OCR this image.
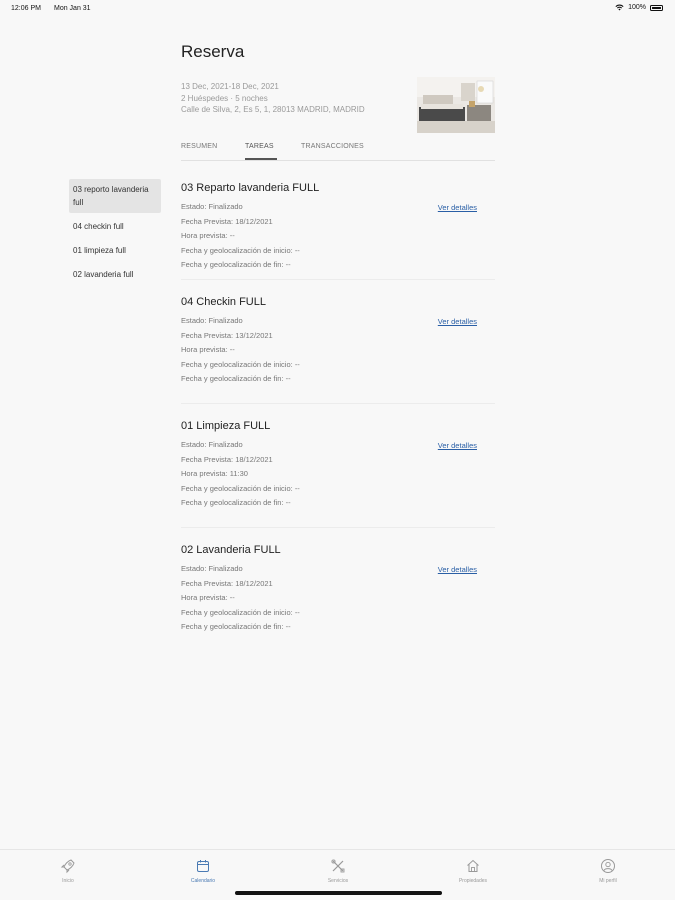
12:06 PM Mon Jan 31	100%
Reserva
13 Dec, 2021-18 Dec, 2021
2 Huéspedes · 5 noches
Calle de Silva, 2, Es 5, 1, 28013 MADRID, MADRID
RESUMEN	TAREAS	TRANSACCIONES
03 reporto lavanderia full
04 checkin full
01 limpieza full
02 lavanderia full
03 Reparto lavanderia FULL
Estado: Finalizado
Fecha Prevista: 18/12/2021
Hora prevista: --
Fecha y geolocalización de inicio: --
Fecha y geolocalización de fin: --
Ver detalles
04 Checkin FULL
Estado: Finalizado
Fecha Prevista: 13/12/2021
Hora prevista: --
Fecha y geolocalización de inicio: --
Fecha y geolocalización de fin: --
Ver detalles
01 Limpieza FULL
Estado: Finalizado
Fecha Prevista: 18/12/2021
Hora prevista: 11:30
Fecha y geolocalización de inicio: --
Fecha y geolocalización de fin: --
Ver detalles
02 Lavanderia FULL
Estado: Finalizado
Fecha Prevista: 18/12/2021
Hora prevista: --
Fecha y geolocalización de inicio: --
Fecha y geolocalización de fin: --
Ver detalles
Inicio	Calendario	Servicios	Propiedades	Mi perfil
